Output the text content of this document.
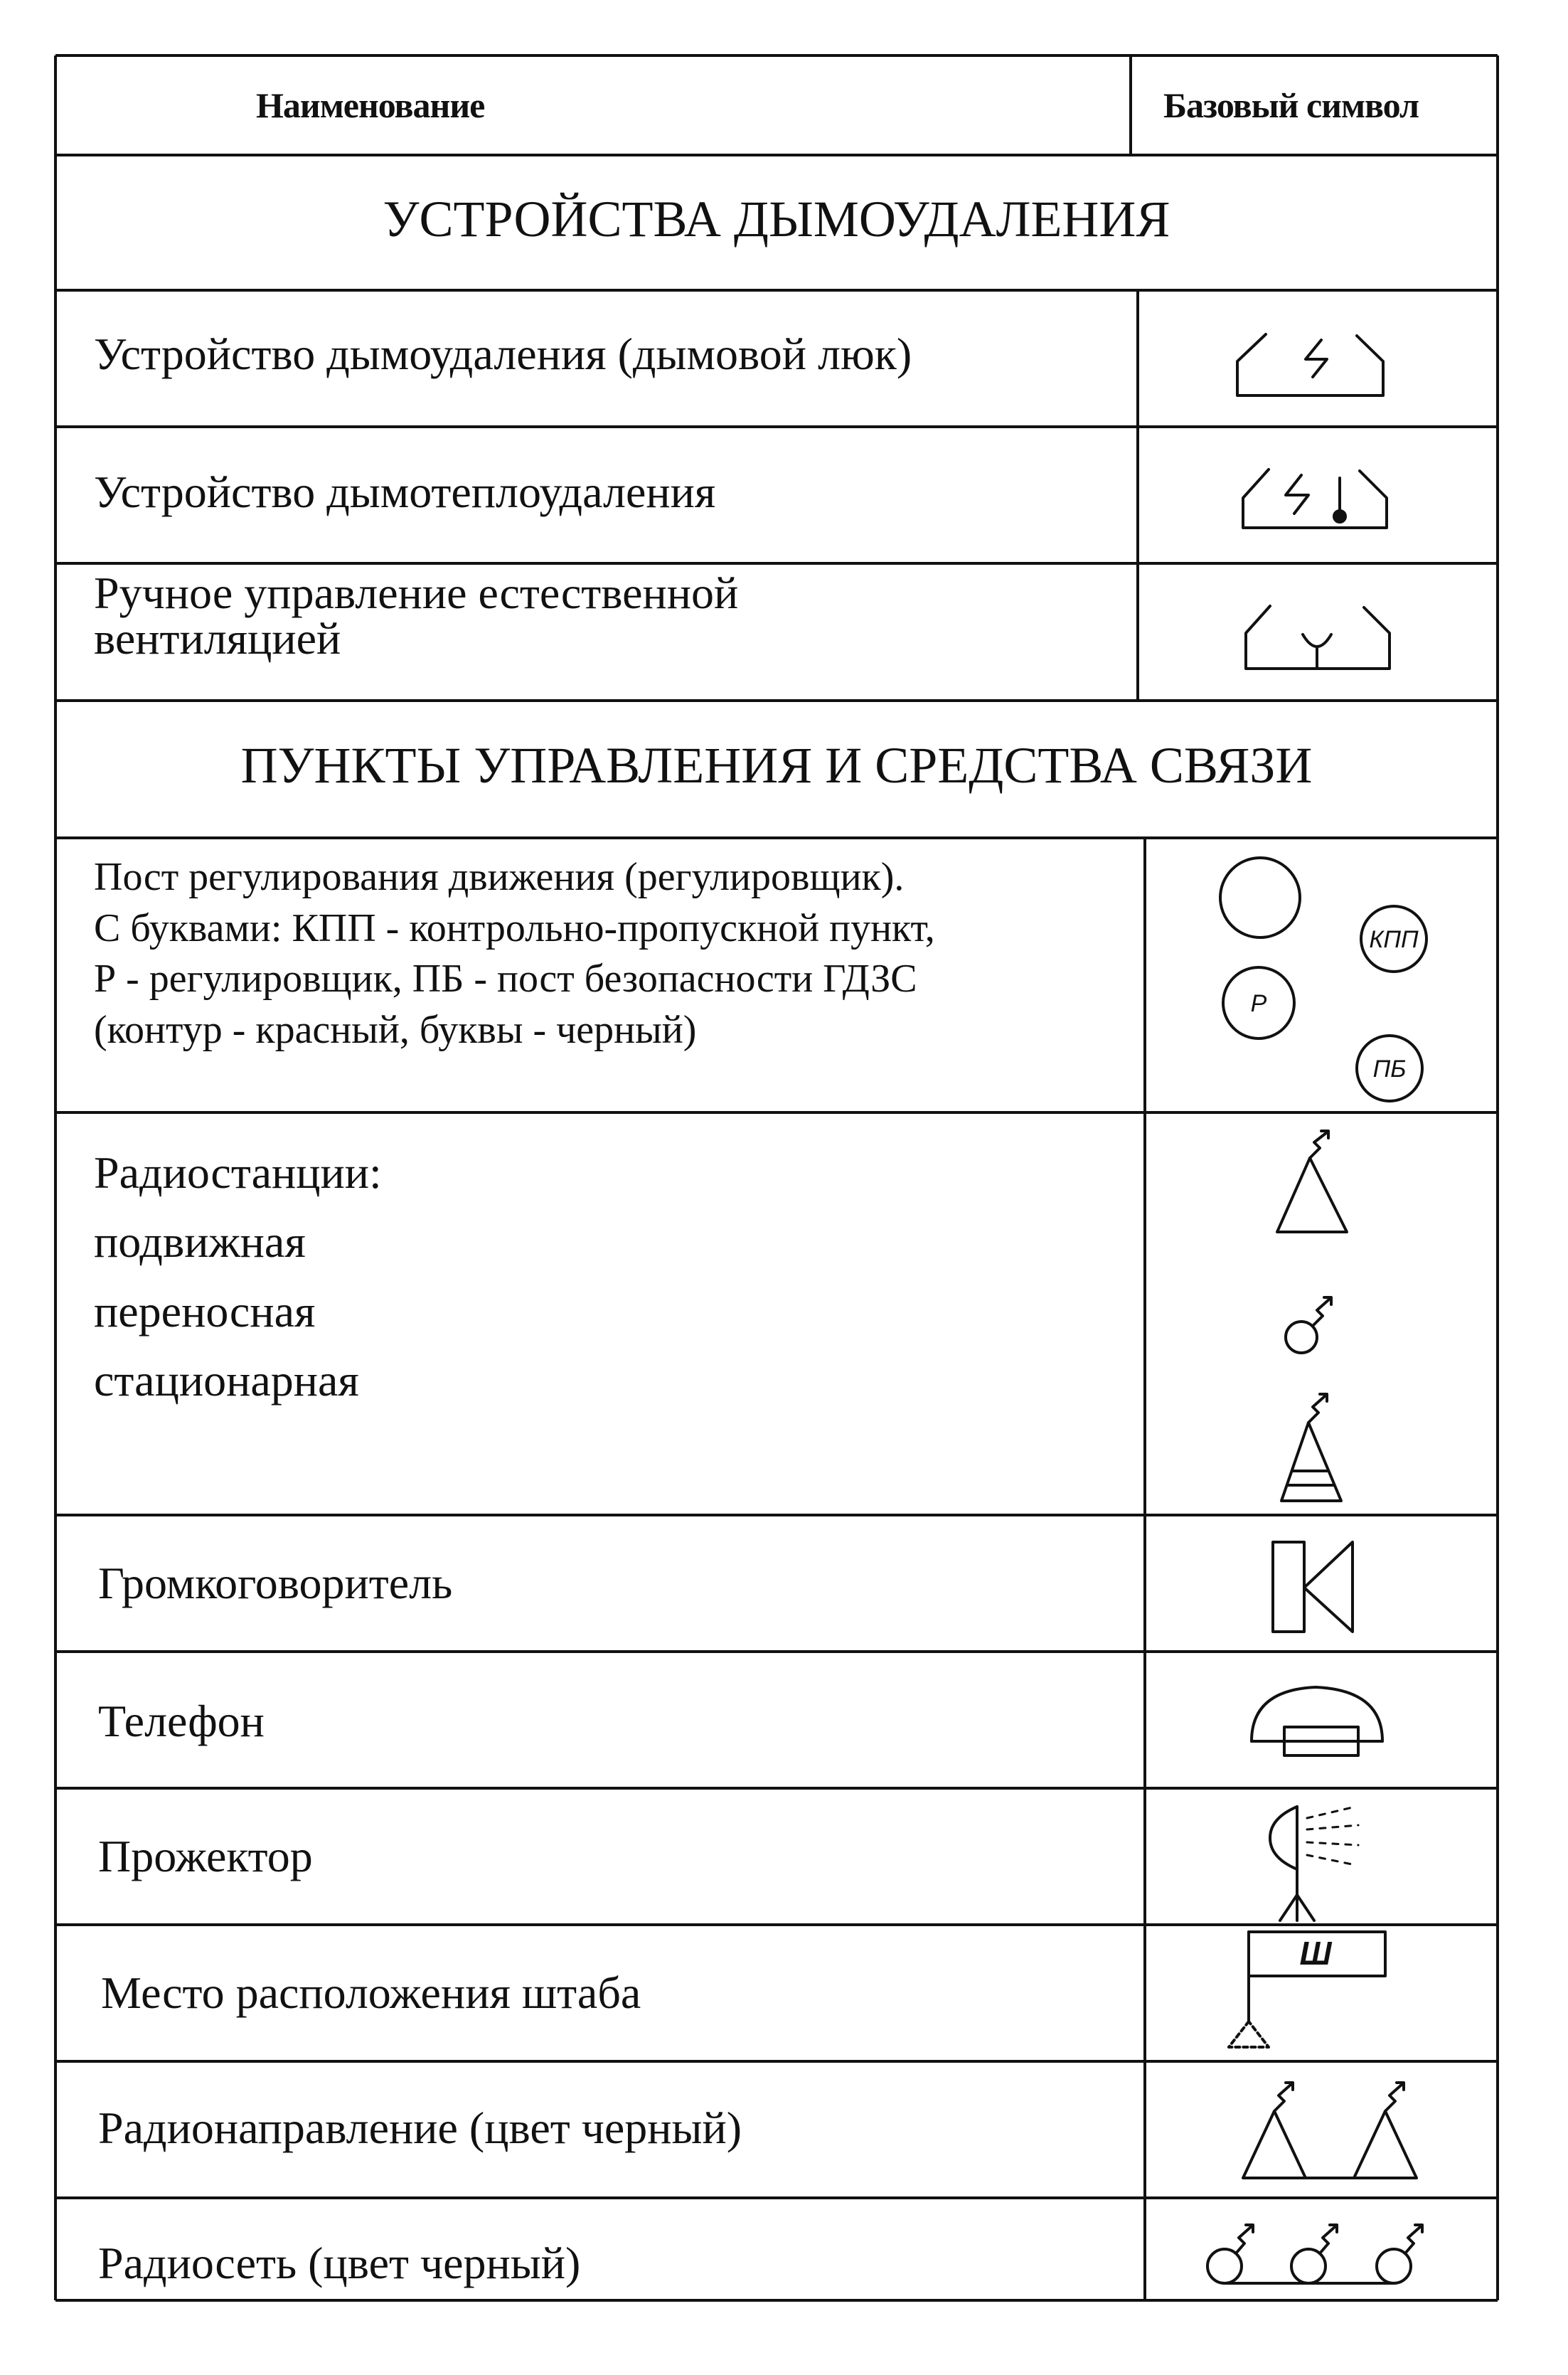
Наименование	Базовый символ
УСТРОЙСТВА ДЫМОУДАЛЕНИЯ
Устройство дымоудаления (дымовой люк)
Устройство дымотеплоудаления
Ручное управление естественной
вентиляцией
ПУНКТЫ УПРАВЛЕНИЯ И СРЕДСТВА СВЯЗИ
Пост регулирования движения (регулировщик).
С буквами: КПП - контрольно-пропускной пункт,
Р - регулировщик, ПБ - пост безопасности ГДЗС
(контур - красный, буквы - черный)
Радиостанции:
подвижная
переносная
стационарная
Громкоговоритель
Телефон
Прожектор
Место расположения штаба
Радионаправление (цвет черный)
Радиосеть (цвет черный)
КПП
Р
ПБ
Ш
